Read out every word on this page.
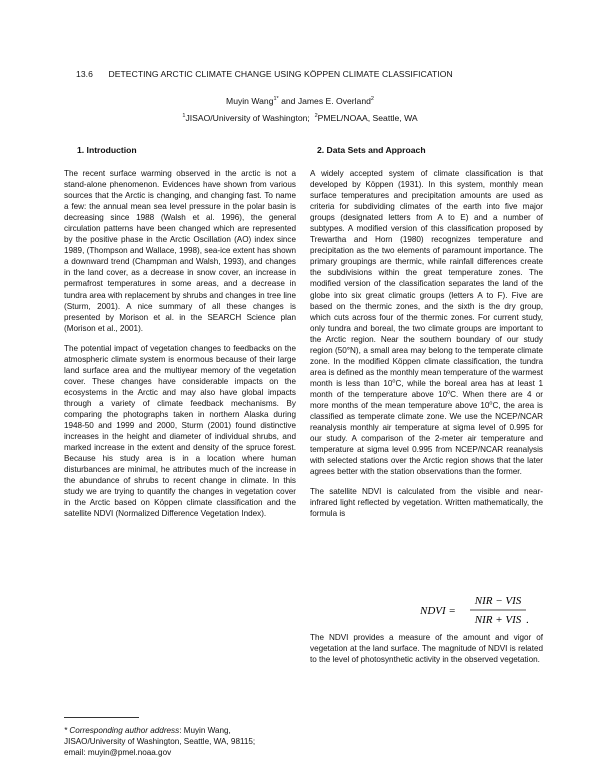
13.6 DETECTING ARCTIC CLIMATE CHANGE USING KÖPPEN CLIMATE CLASSIFICATION
Muyin Wang$^{1*}$ and James E. Overland$^2$
$^1$JISAO/University of Washington; $^2$PMEL/NOAA, Seattle, WA
1. Introduction	2. Data Sets and Approach

The recent surface warming observed in the arctic is not a stand-alone phenomenon. Evidences have shown from various sources that the Arctic is changing, and changing fast. To name a few: the annual mean sea level pressure in the polar basin is decreasing since 1988 (Walsh et al. 1996), the general circulation patterns have been changed which are represented by the positive phase in the Arctic Oscillation (AO) index since 1989, (Thompson and Wallace, 1998), sea-ice extent has shown a downward trend (Champman and Walsh, 1993), and changes in the land cover, as a decrease in snow cover, an increase in permafrost temperatures in some areas, and a decrease in tundra area with replacement by shrubs and changes in tree line (Sturm, 2001). A nice summary of all these changes is presented by Morison et al. in the SEARCH Science plan (Morison et al., 2001).

The potential impact of vegetation changes to feedbacks on the atmospheric climate system is enormous because of their large land surface area and the multiyear memory of the vegetation cover. These changes have considerable impacts on the ecosystems in the Arctic and may also have global impacts through a variety of climate feedback mechanisms. By comparing the photographs taken in northern Alaska during 1948-50 and 1999 and 2000, Sturm (2001) found distinctive increases in the height and diameter of individual shrubs, and marked increase in the extent and density of the spruce forest. Because his study area is in a location where human disturbances are minimal, he attributes much of the increase in the abundance of shrubs to recent change in climate. In this study we are trying to quantify the changes in vegetation cover in the Arctic based on Köppen climate classification and the satellite NDVI (Normalized Difference Vegetation Index).

* Corresponding author address: Muyin Wang, JISAO/University of Washington, Seattle, WA, 98115; email: muyin@pmel.noaa.gov

A widely accepted system of climate classification is that developed by Köppen (1931). In this system, monthly mean surface temperatures and precipitation amounts are used as criteria for subdividing climates of the earth into five major groups (designated letters from A to E) and a number of subtypes. A modified version of this classification proposed by Trewartha and Horn (1980) recognizes temperature and precipitation as the two elements of paramount importance. The primary groupings are thermic, while rainfall differences create the subdivisions within the great temperature zones. The modified version of the classification separates the land of the globe into six great climatic groups (letters A to F). Five are based on the thermic zones, and the sixth is the dry group, which cuts across four of the thermic zones. For current study, only tundra and boreal, the two climate groups are important to the Arctic region. Near the southern boundary of our study region (50°N), a small area may belong to the temperate climate zone. In the modified Köppen climate classification, the tundra area is defined as the monthly mean temperature of the warmest month is less than 10$^o$C, while the boreal area has at least 1 month of the temperature above 10$^o$C. When there are 4 or more months of the mean temperature above 10$^o$C, the area is classified as temperate climate zone. We use the NCEP/NCAR reanalysis monthly air temperature at sigma level of 0.995 for our study. A comparison of the 2-meter air temperature and temperature at sigma level 0.995 from NCEP/NCAR reanalysis with selected stations over the Arctic region shows that the later agrees better with the station observations than the former.

The satellite NDVI is calculated from the visible and near-infrared light reflected by vegetation. Written mathematically, the formula is

NDVI =
NIR − VIS
NIR + VIS .
The NDVI provides a measure of the amount and vigor of vegetation at the land surface. The magnitude of NDVI is related to the level of photosynthetic activity in the observed vegetation.
